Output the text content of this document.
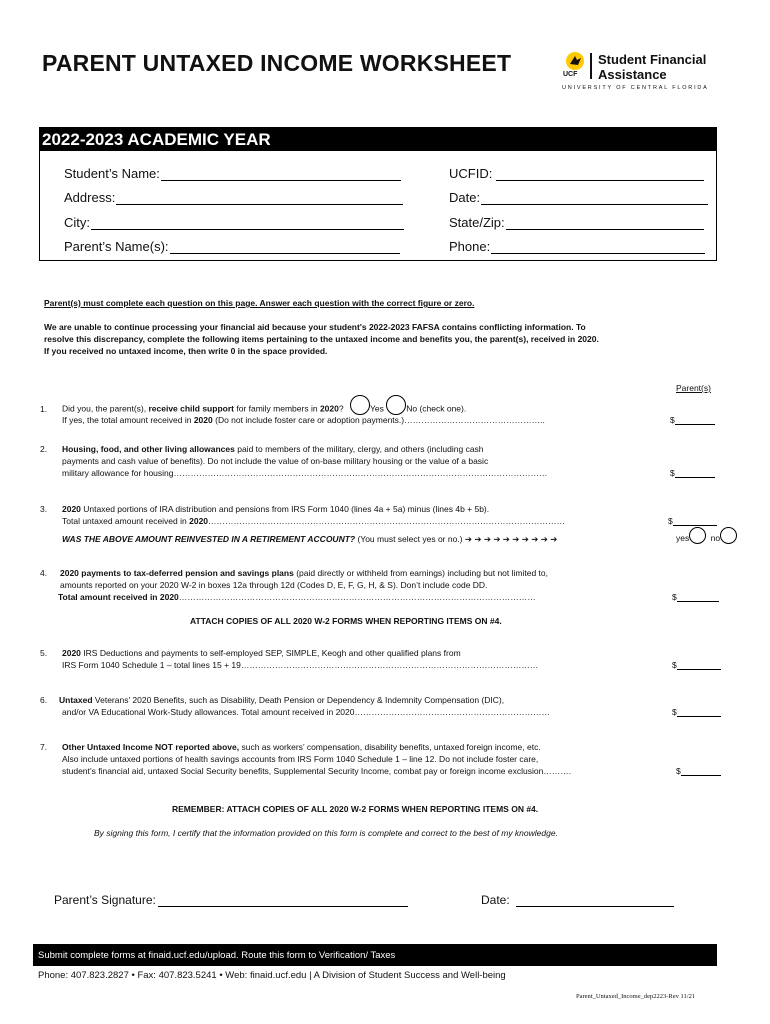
PARENT UNTAXED INCOME WORKSHEET	UCF
Student Financial
Assistance
UNIVERSITY OF CENTRAL FLORIDA
2022-2023 ACADEMIC YEAR
Student’s Name:	UCFID:
Address:	Date:
City:	State/Zip:
Parent’s Name(s):	Phone:
Parent(s) must complete each question on this page. Answer each question with the correct figure or zero.
We are unable to continue processing your financial aid because your student's 2022-2023 FAFSA contains conflicting information. To
resolve this discrepancy, complete the following items pertaining to the untaxed income and benefits you, the parent(s), received in 2020.
If you received no untaxed income, then write 0 in the space provided.
Parent(s)
1. Did you, the parent(s), receive child support for family members in 2020?	Yes	No (check one).
If yes, the total amount received in 2020 (Do not include foster care or adoption payments.)…………………………………………..	$
2. Housing, food, and other living allowances paid to members of the military, clergy, and others (including cash
payments and cash value of benefits). Do not include the value of on-base military housing or the value of a basic
military allowance for housing……………………………………………………………………………………………………………………	$
3. 2020 Untaxed portions of IRA distribution and pensions from IRS Form 1040 (lines 4a + 5a) minus (lines 4b + 5b).
Total untaxed amount received in 2020………………………………………………………………………………………………………………	$
WAS THE ABOVE AMOUNT REINVESTED IN A RETIREMENT ACCOUNT? (You must select yes or no.) ➔ ➔ ➔ ➔ ➔ ➔ ➔ ➔ ➔ ➔	yes	no
4. 2020 payments to tax-deferred pension and savings plans (paid directly or withheld from earnings) including but not limited to,
amounts reported on your 2020 W-2 in boxes 12a through 12d (Codes D, E, F, G, H, & S). Don’t include code DD.
Total amount received in 2020………………………………………………………………………………………………………………	$
ATTACH COPIES OF ALL 2020 W-2 FORMS WHEN REPORTING ITEMS ON #4.
5. 2020 IRS Deductions and payments to self-employed SEP, SIMPLE, Keogh and other qualified plans from
IRS Form 1040 Schedule 1 – total lines 15 + 19……………………………………………………………………………………………	$
6. Untaxed Veterans’ 2020 Benefits, such as Disability, Death Pension or Dependency & Indemnity Compensation (DIC),
and/or VA Educational Work-Study allowances. Total amount received in 2020……………………………………………………………	$
7. Other Untaxed Income NOT reported above, such as workers’ compensation, disability benefits, untaxed foreign income, etc.
Also include untaxed portions of health savings accounts from IRS Form 1040 Schedule 1 – line 12. Do not include foster care,
student’s financial aid, untaxed Social Security benefits, Supplemental Security Income, combat pay or foreign income exclusion……….	$
REMEMBER: ATTACH COPIES OF ALL 2020 W-2 FORMS WHEN REPORTING ITEMS ON #4.
By signing this form, I certify that the information provided on this form is complete and correct to the best of my knowledge.
Parent’s Signature:	Date:
Submit complete forms at finaid.ucf.edu/upload. Route this form to Verification/ Taxes
Phone: 407.823.2827 • Fax: 407.823.5241 • Web: finaid.ucf.edu | A Division of Student Success and Well-being
Parent_Untaxed_Income_dep2223-Rev 11/21
